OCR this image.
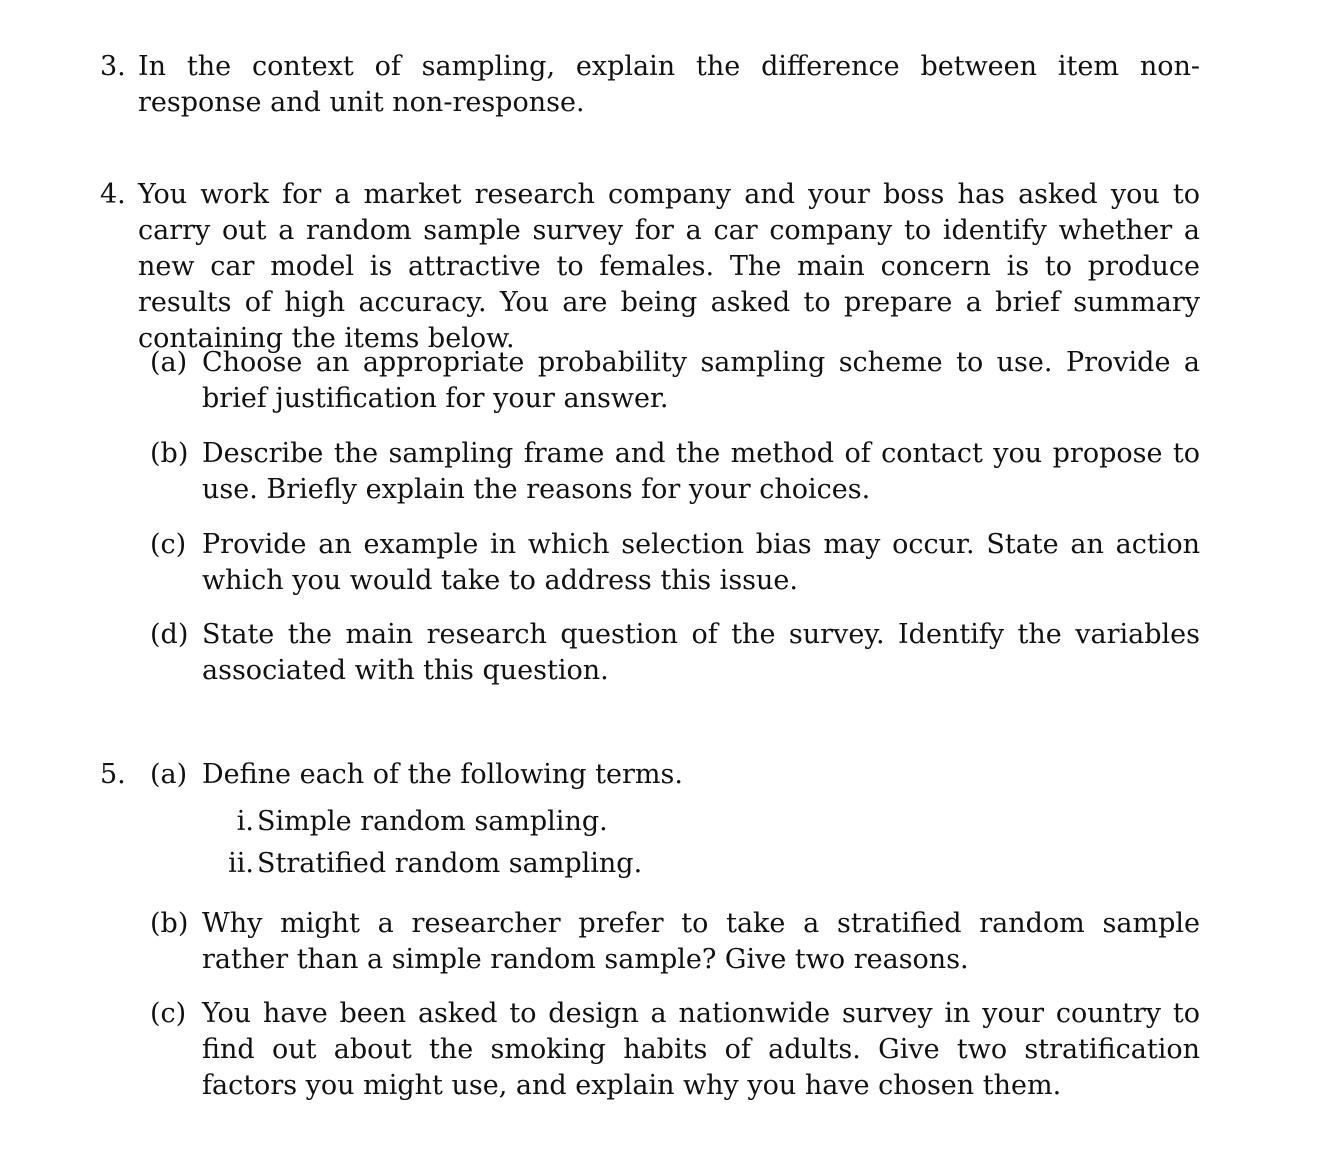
3. In the context of sampling, explain the difference between item non-response and unit non-response.
4. You work for a market research company and your boss has asked you to carry out a random sample survey for a car company to identify whether a new car model is attractive to females. The main concern is to produce results of high accuracy. You are being asked to prepare a brief summary containing the items below.
(a) Choose an appropriate probability sampling scheme to use. Provide a brief justification for your answer.
(b) Describe the sampling frame and the method of contact you propose to use. Briefly explain the reasons for your choices.
(c) Provide an example in which selection bias may occur. State an action which you would take to address this issue.
(d) State the main research question of the survey. Identify the variables associated with this question.
5. (a) Define each of the following terms.
i. Simple random sampling.
ii. Stratified random sampling.
(b) Why might a researcher prefer to take a stratified random sample rather than a simple random sample? Give two reasons.
(c) You have been asked to design a nationwide survey in your country to find out about the smoking habits of adults. Give two stratification factors you might use, and explain why you have chosen them.
